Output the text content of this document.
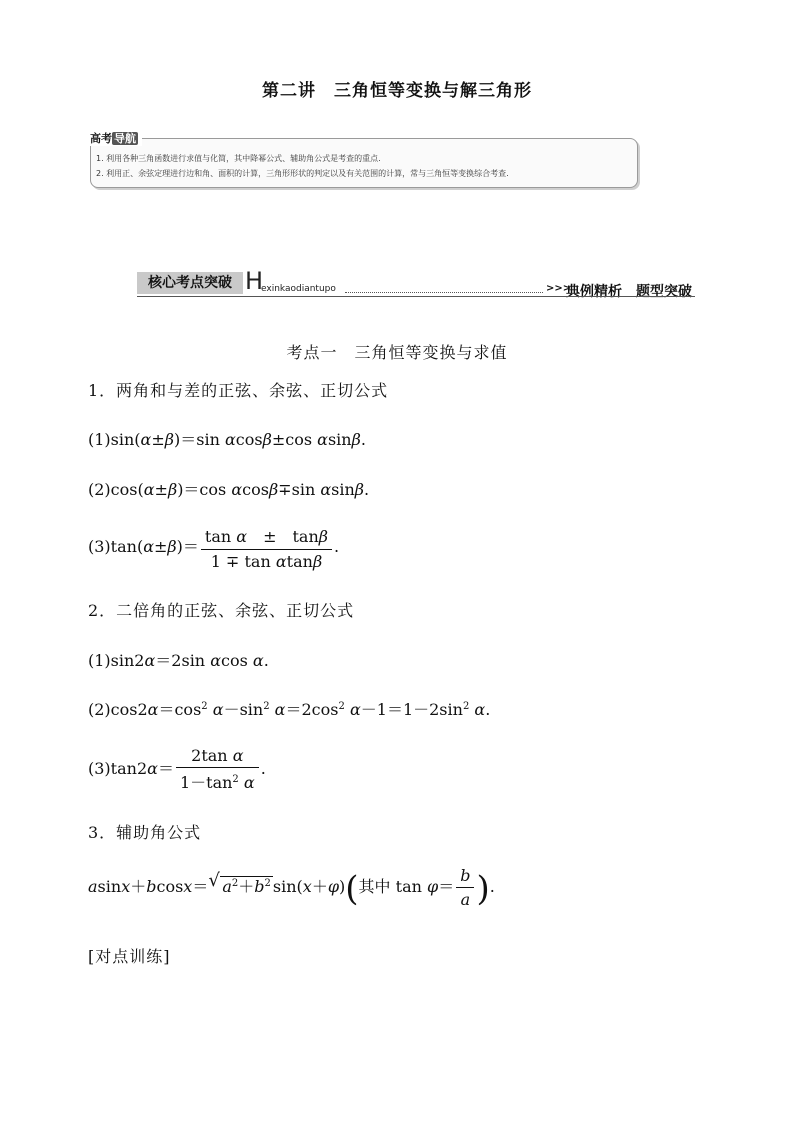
第二讲　三角恒等变换与解三角形
高考 导航
1. 利用各种三角函数进行求值与化简，其中降幂公式、辅助角公式是考查的重点.
2. 利用正、余弦定理进行边和角、面积的计算，三角形形状的判定以及有关范围的计算，常与三角恒等变换综合考查.
核心考点突破 H
exinkaodiantupo	>>>
典例精析　题型突破
考点一　三角恒等变换与求值
1．两角和与差的正弦、余弦、正切公式
(1)sin(α±β)＝sin αcosβ±cos αsinβ.
(2)cos(α±β)＝cos αcosβ∓sin αsinβ.
$(3)\tan(\alpha\pm\beta)= \frac{\text{tan α　±　tanβ}}{\text{1 ∓ tan αtanβ}}$ .
2．二倍角的正弦、余弦、正切公式
(1)sin2α＝2sin αcos α.
$(2)\cos 2\alpha=\cos^2$ $\alpha-\sin^2$ $\alpha=2\cos^2$ $\alpha-1=1-2\sin^2$ α.
$(3)\tan 2\alpha= \frac{\text{2tan α}}{1-\tan^2 \alpha}$ .
3．辅助角公式
asinx＋bcosx＝ √ $a^2+b^2$ sin(x＋φ)(其中 $\tan \varphi= \frac{b}{a}$ ).
[对点训练]
